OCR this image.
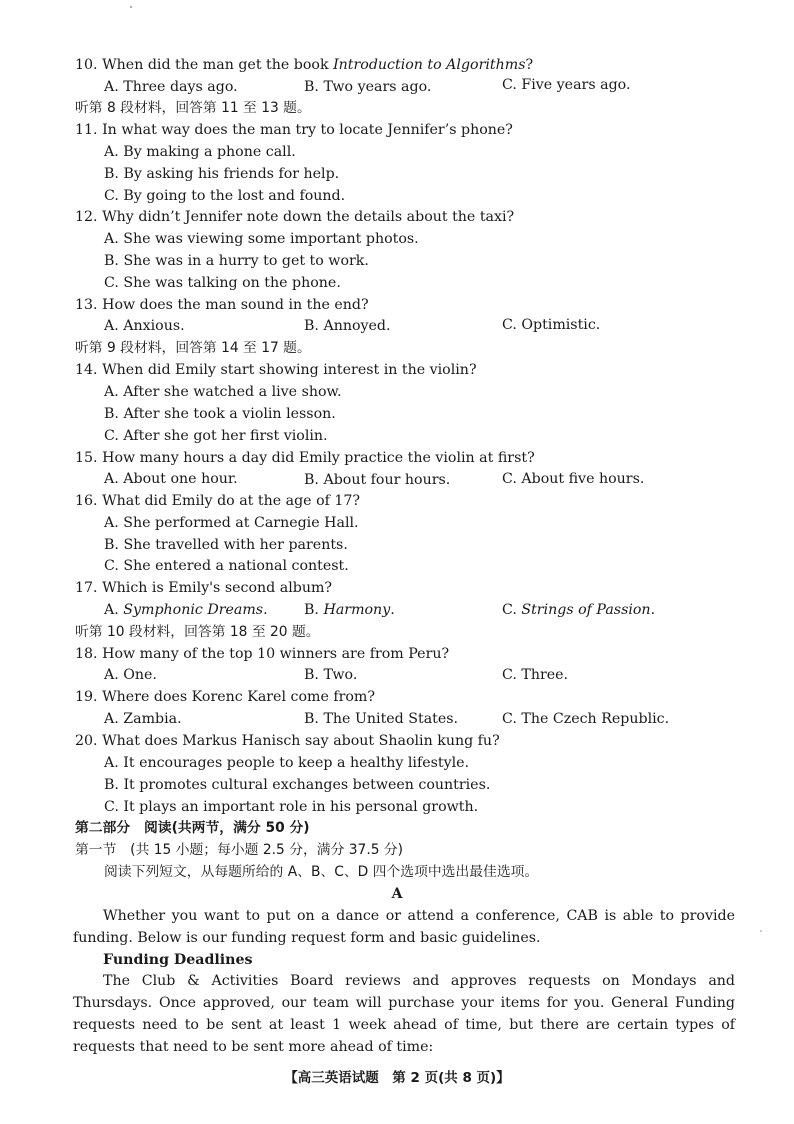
10. When did the man get the book Introduction to Algorithms?
A. Three days ago.	B. Two years ago.	C. Five years ago.
听第 8 段材料，回答第 11 至 13 题。
11. In what way does the man try to locate Jennifer’s phone?
A. By making a phone call.
B. By asking his friends for help.
C. By going to the lost and found.
12. Why didn’t Jennifer note down the details about the taxi?
A. She was viewing some important photos.
B. She was in a hurry to get to work.
C. She was talking on the phone.
13. How does the man sound in the end?
A. Anxious.	B. Annoyed.	C. Optimistic.
听第 9 段材料，回答第 14 至 17 题。
14. When did Emily start showing interest in the violin?
A. After she watched a live show.
B. After she took a violin lesson.
C. After she got her first violin.
15. How many hours a day did Emily practice the violin at first?
A. About one hour.	B. About four hours.	C. About five hours.
16. What did Emily do at the age of 17?
A. She performed at Carnegie Hall.
B. She travelled with her parents.
C. She entered a national contest.
17. Which is Emily's second album?
A. Symphonic Dreams.	B. Harmony.	C. Strings of Passion.
听第 10 段材料，回答第 18 至 20 题。
18. How many of the top 10 winners are from Peru?
A. One.	B. Two.	C. Three.
19. Where does Korenc Karel come from?
A. Zambia.	B. The United States.	C. The Czech Republic.
20. What does Markus Hanisch say about Shaolin kung fu?
A. It encourages people to keep a healthy lifestyle.
B. It promotes cultural exchanges between countries.
C. It plays an important role in his personal growth.
第二部分　阅读(共两节，满分 50 分)
第一节　(共 15 小题；每小题 2.5 分，满分 37.5 分)
阅读下列短文，从每题所给的 A、B、C、D 四个选项中选出最佳选项。
A
Whether you want to put on a dance or attend a conference, CAB is able to provide funding. Below is our funding request form and basic guidelines.
Funding Deadlines
The Club & Activities Board reviews and approves requests on Mondays and Thursdays. Once approved, our team will purchase your items for you. General Funding requests need to be sent at least 1 week ahead of time, but there are certain types of requests that need to be sent more ahead of time:
【高三英语试题　第 2 页(共 8 页)】
